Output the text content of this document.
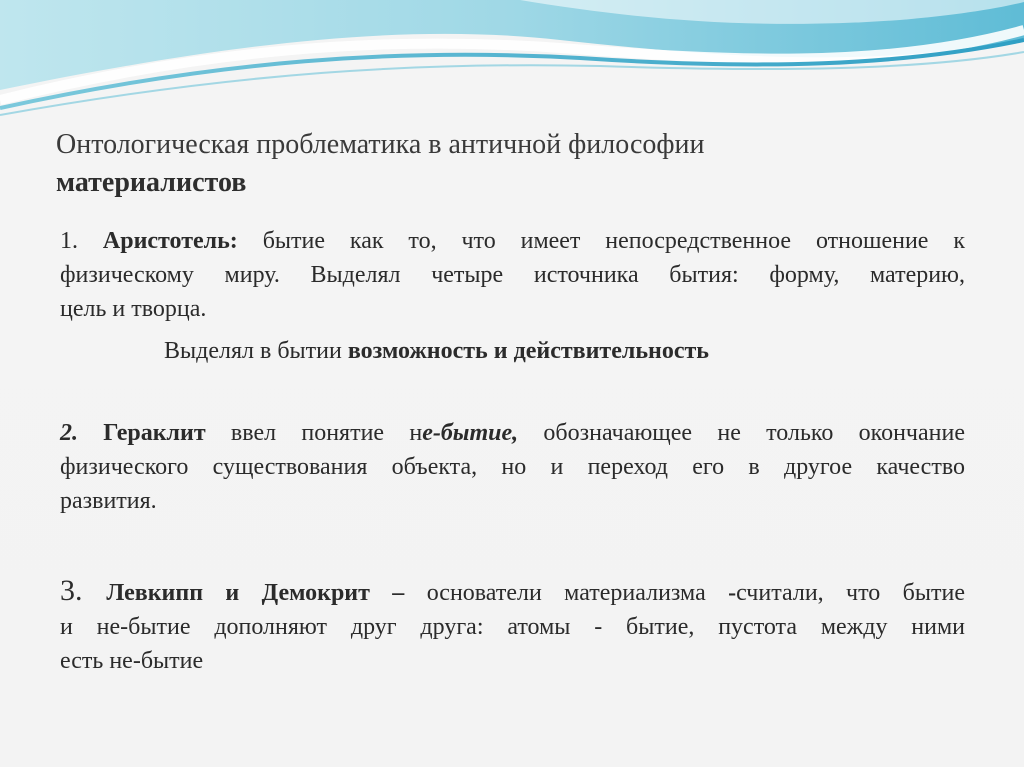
Онтологическая проблематика в античной философии
материалистов

1. Аристотель: бытие как то, что имеет непосредственное отношение к
физическому миру. Выделял четыре источника бытия: форму, материю,
цель и творца.

Выделял в бытии возможность и действительность

2. Гераклит ввел понятие не-бытие, обозначающее не только окончание
физического существования объекта, но и переход его в другое качество
развития.

3. Левкипп и Демокрит – основатели материализма -считали, что бытие
и не-бытие дополняют друг друга: атомы - бытие, пустота между ними
есть не-бытие
